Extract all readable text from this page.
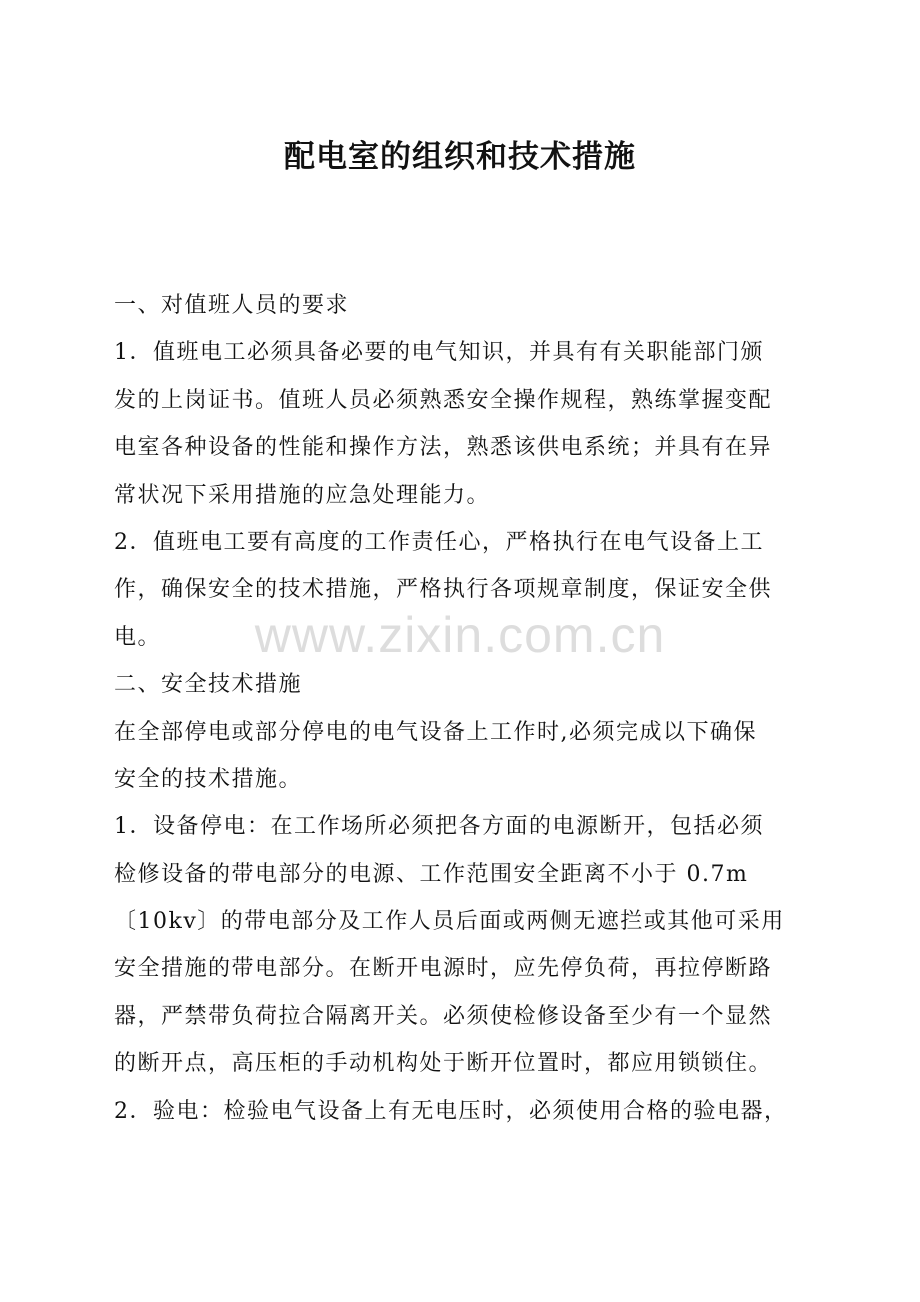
配电室的组织和技术措施
一、对值班人员的要求
1．值班电工必须具备必要的电气知识，并具有有关职能部门颁
发的上岗证书。值班人员必须熟悉安全操作规程，熟练掌握变配
电室各种设备的性能和操作方法，熟悉该供电系统；并具有在异
常状况下采用措施的应急处理能力。
2．值班电工要有高度的工作责任心，严格执行在电气设备上工
作，确保安全的技术措施，严格执行各项规章制度，保证安全供
电。
二、安全技术措施
在全部停电或部分停电的电气设备上工作时,必须完成以下确保
安全的技术措施。
1．设备停电：在工作场所必须把各方面的电源断开，包括必须
检修设备的带电部分的电源、工作范围安全距离不小于 0.7m
〔10kv〕的带电部分及工作人员后面或两侧无遮拦或其他可采用
安全措施的带电部分。在断开电源时，应先停负荷，再拉停断路
器，严禁带负荷拉合隔离开关。必须使检修设备至少有一个显然
的断开点，高压柜的手动机构处于断开位置时，都应用锁锁住。
2．验电：检验电气设备上有无电压时，必须使用合格的验电器，
www.zixin.com.cn
